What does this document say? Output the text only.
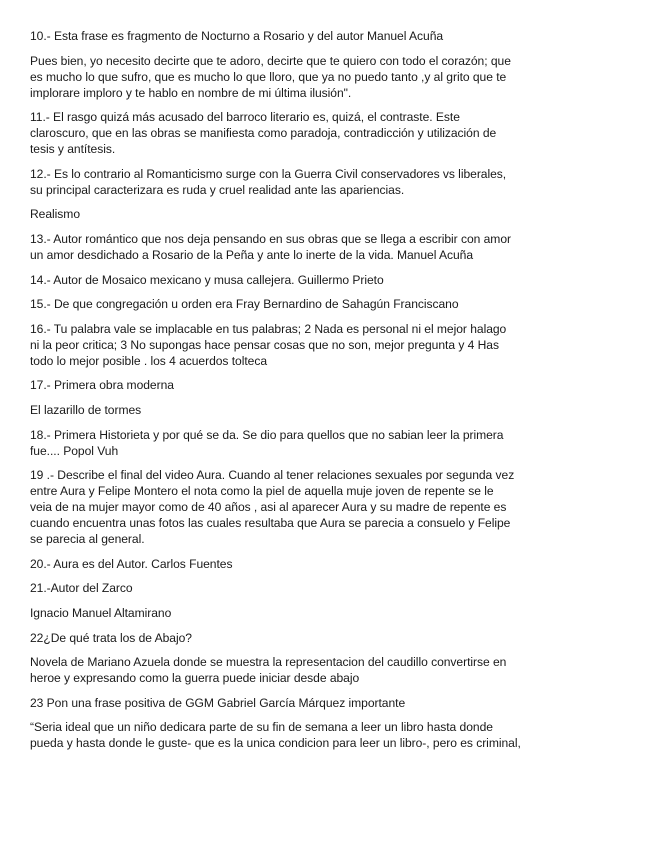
10.- Esta frase es fragmento de Nocturno a Rosario y del autor Manuel Acuña

Pues bien, yo necesito decirte que te adoro, decirte que te quiero con todo el corazón; que
es mucho lo que sufro, que es mucho lo que lloro, que ya no puedo tanto ,y al grito que te
implorare imploro y te hablo en nombre de mi última ilusión".

11.- El rasgo quizá más acusado del barroco literario es, quizá, el contraste. Este
claroscuro, que en las obras se manifiesta como paradoja, contradicción y utilización de
tesis y antítesis.

12.- Es lo contrario al Romanticismo surge con la Guerra Civil conservadores vs liberales,
su principal caracterizara es ruda y cruel realidad ante las apariencias.

Realismo

13.- Autor romántico que nos deja pensando en sus obras que se llega a escribir con amor
un amor desdichado a Rosario de la Peña y ante lo inerte de la vida. Manuel Acuña

14.- Autor de Mosaico mexicano y musa callejera. Guillermo Prieto

15.- De que congregación u orden era Fray Bernardino de Sahagún Franciscano

16.- Tu palabra vale se implacable en tus palabras; 2 Nada es personal ni el mejor halago
ni la peor critica; 3 No supongas hace pensar cosas que no son, mejor pregunta y 4 Has
todo lo mejor posible . los 4 acuerdos tolteca

17.- Primera obra moderna

El lazarillo de tormes

18.- Primera Historieta y por qué se da. Se dio para quellos que no sabian leer la primera
fue.... Popol Vuh

19 .- Describe el final del video Aura. Cuando al tener relaciones sexuales por segunda vez
entre Aura y Felipe Montero el nota como la piel de aquella muje joven de repente se le
veia de na mujer mayor como de 40 años , asi al aparecer Aura y su madre de repente es
cuando encuentra unas fotos las cuales resultaba que Aura se parecia a consuelo y Felipe
se parecia al general.

20.- Aura es del Autor. Carlos Fuentes

21.-Autor del Zarco

Ignacio Manuel Altamirano

22¿De qué trata los de Abajo?

Novela de Mariano Azuela donde se muestra la representacion del caudillo convertirse en
heroe y expresando como la guerra puede iniciar desde abajo

23 Pon una frase positiva de GGM Gabriel García Márquez importante

“Seria ideal que un niño dedicara parte de su fin de semana a leer un libro hasta donde
pueda y hasta donde le guste- que es la unica condicion para leer un libro-, pero es criminal,
